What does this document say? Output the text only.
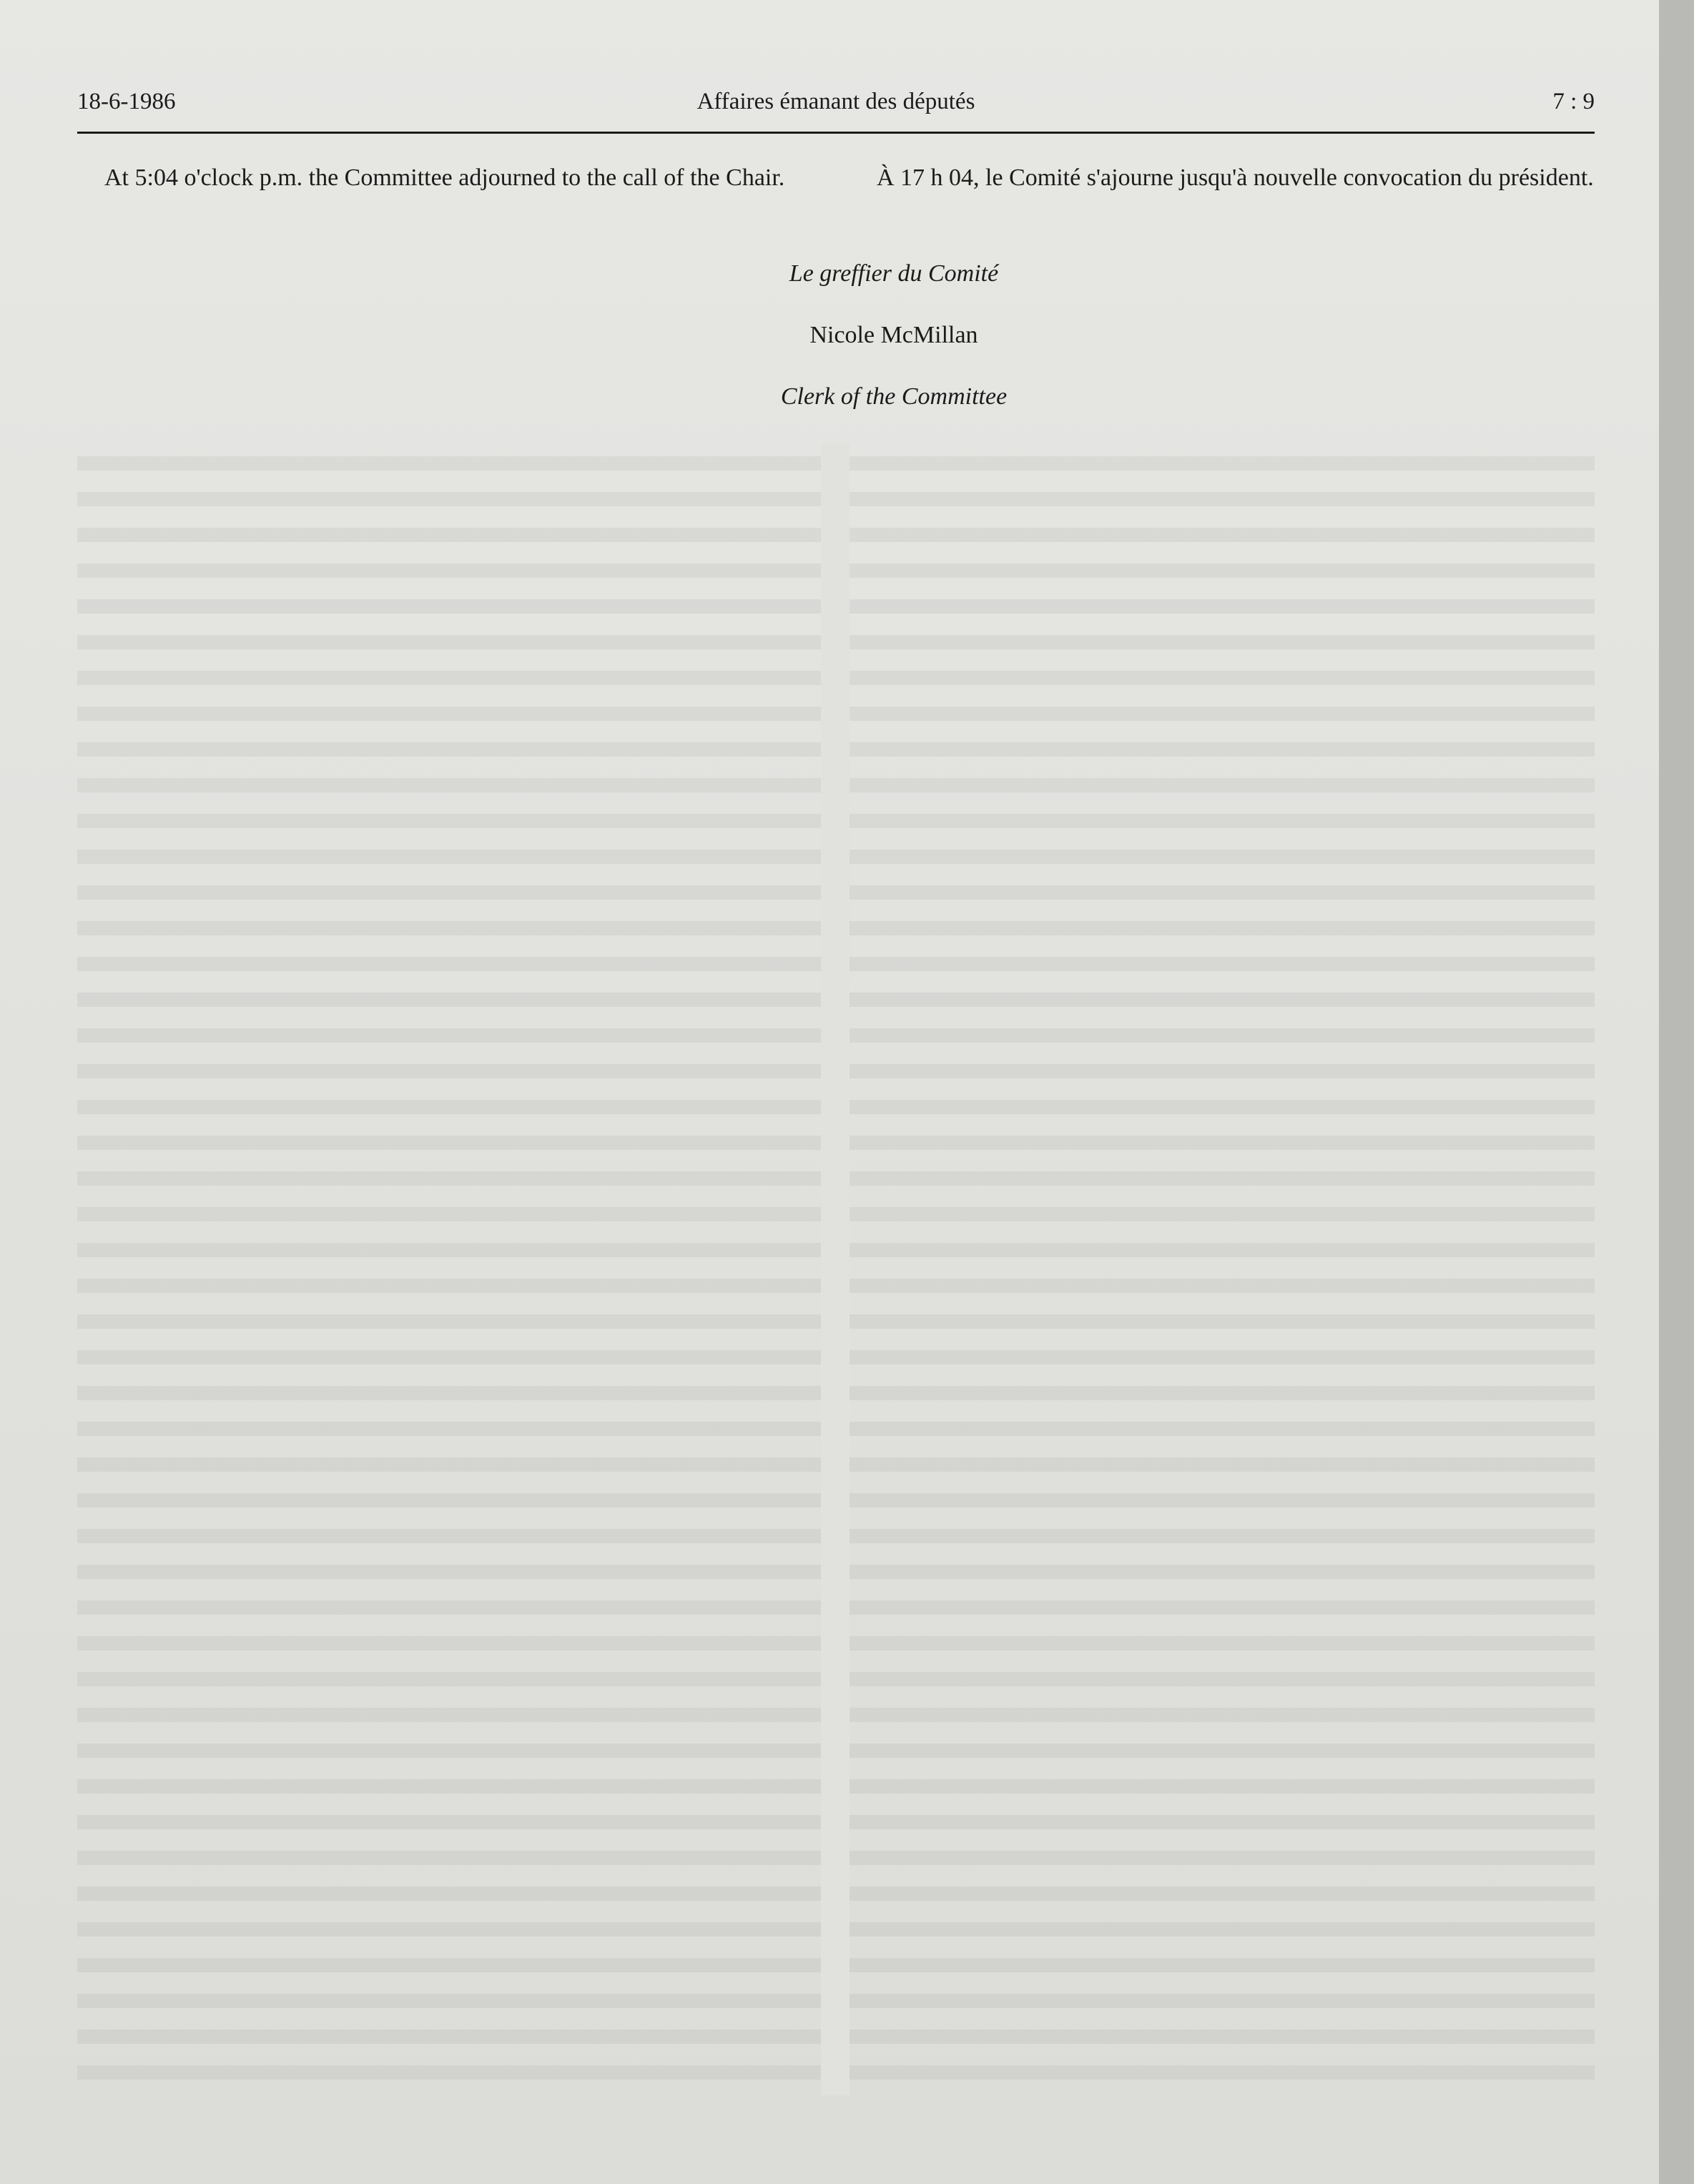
18-6-1986	Affaires émanant des députés	7 : 9

At 5:04 o'clock p.m. the Committee adjourned to the call of the Chair.	À 17 h 04, le Comité s'ajourne jusqu'à nouvelle convocation du président.

Le greffier du Comité
Nicole McMillan
Clerk of the Committee
